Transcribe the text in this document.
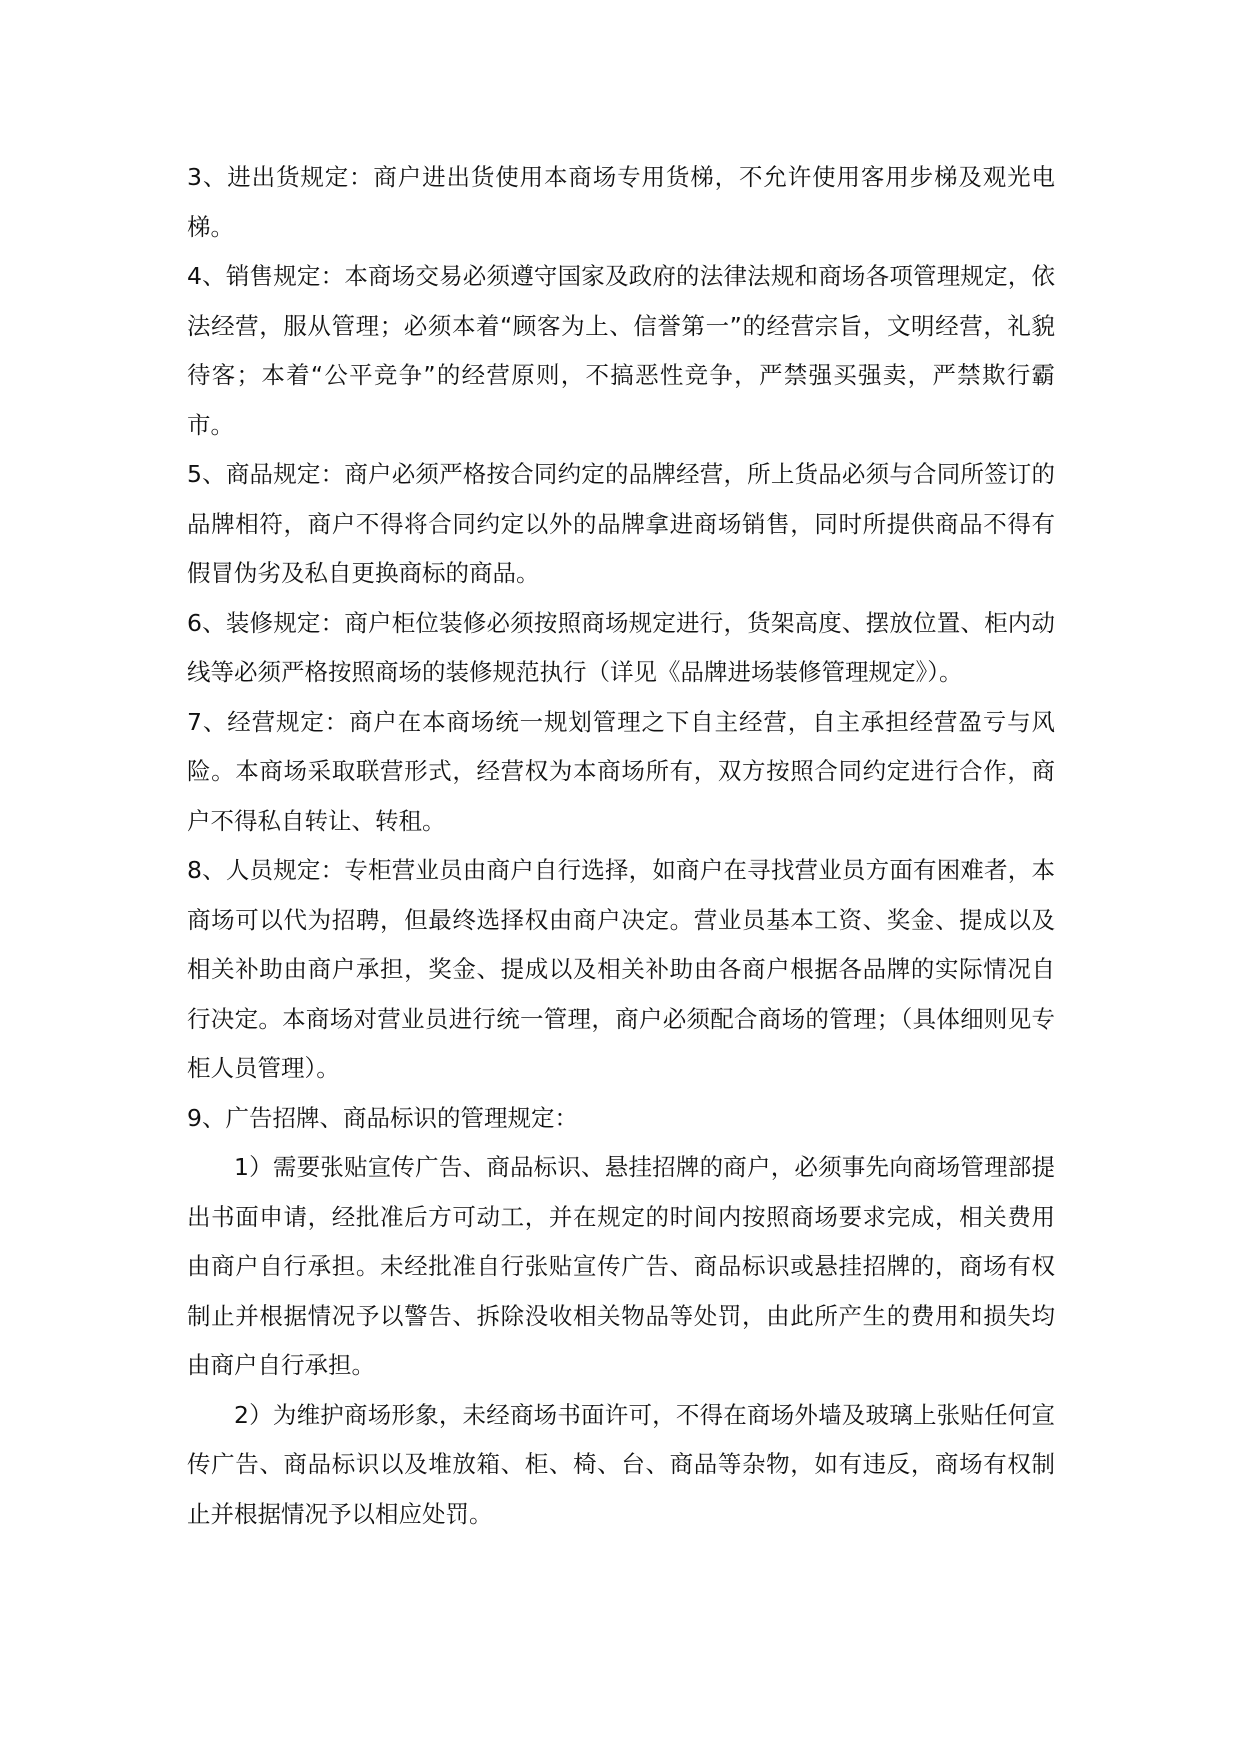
3、进出货规定：商户进出货使用本商场专用货梯，不允许使用客用步梯及观光电梯。

4、销售规定：本商场交易必须遵守国家及政府的法律法规和商场各项管理规定，依法经营，服从管理；必须本着“顾客为上、信誉第一”的经营宗旨，文明经营，礼貌待客；本着“公平竞争”的经营原则，不搞恶性竞争，严禁强买强卖，严禁欺行霸市。

5、商品规定：商户必须严格按合同约定的品牌经营，所上货品必须与合同所签订的品牌相符，商户不得将合同约定以外的品牌拿进商场销售，同时所提供商品不得有假冒伪劣及私自更换商标的商品。

6、装修规定：商户柜位装修必须按照商场规定进行，货架高度、摆放位置、柜内动线等必须严格按照商场的装修规范执行（详见《品牌进场装修管理规定》）。

7、经营规定：商户在本商场统一规划管理之下自主经营，自主承担经营盈亏与风险。本商场采取联营形式，经营权为本商场所有，双方按照合同约定进行合作，商户不得私自转让、转租。

8、人员规定：专柜营业员由商户自行选择，如商户在寻找营业员方面有困难者，本商场可以代为招聘，但最终选择权由商户决定。营业员基本工资、奖金、提成以及相关补助由商户承担，奖金、提成以及相关补助由各商户根据各品牌的实际情况自行决定。本商场对营业员进行统一管理，商户必须配合商场的管理；（具体细则见专柜人员管理）。

9、广告招牌、商品标识的管理规定：

1）需要张贴宣传广告、商品标识、悬挂招牌的商户，必须事先向商场管理部提出书面申请，经批准后方可动工，并在规定的时间内按照商场要求完成，相关费用由商户自行承担。未经批准自行张贴宣传广告、商品标识或悬挂招牌的，商场有权制止并根据情况予以警告、拆除没收相关物品等处罚，由此所产生的费用和损失均由商户自行承担。

2）为维护商场形象，未经商场书面许可，不得在商场外墙及玻璃上张贴任何宣传广告、商品标识以及堆放箱、柜、椅、台、商品等杂物，如有违反，商场有权制止并根据情况予以相应处罚。
